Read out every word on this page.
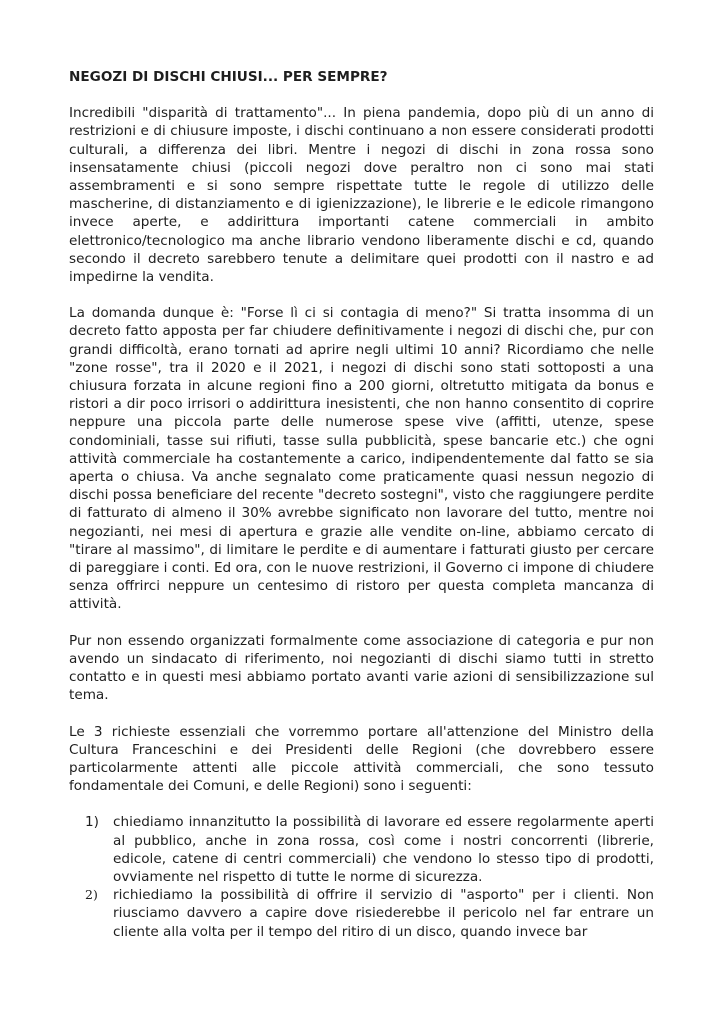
NEGOZI DI DISCHI CHIUSI... PER SEMPRE?

Incredibili "disparità di trattamento"... In piena pandemia, dopo più di un anno di restrizioni e di chiusure imposte, i dischi continuano a non essere considerati prodotti culturali, a differenza dei libri. Mentre i negozi di dischi in zona rossa sono insensatamente chiusi (piccoli negozi dove peraltro non ci sono mai stati assembramenti e si sono sempre rispettate tutte le regole di utilizzo delle mascherine, di distanziamento e di igienizzazione), le librerie e le edicole rimangono invece aperte, e addirittura importanti catene commerciali in ambito elettronico/tecnologico ma anche librario vendono liberamente dischi e cd, quando secondo il decreto sarebbero tenute a delimitare quei prodotti con il nastro e ad impedirne la vendita.

La domanda dunque è: "Forse lì ci si contagia di meno?" Si tratta insomma di un decreto fatto apposta per far chiudere definitivamente i negozi di dischi che, pur con grandi difficoltà, erano tornati ad aprire negli ultimi 10 anni? Ricordiamo che nelle "zone rosse", tra il 2020 e il 2021, i negozi di dischi sono stati sottoposti a una chiusura forzata in alcune regioni fino a 200 giorni, oltretutto mitigata da bonus e ristori a dir poco irrisori o addirittura inesistenti, che non hanno consentito di coprire neppure una piccola parte delle numerose spese vive (affitti, utenze, spese condominiali, tasse sui rifiuti, tasse sulla pubblicità, spese bancarie etc.) che ogni attività commerciale ha costantemente a carico, indipendentemente dal fatto se sia aperta o chiusa. Va anche segnalato come praticamente quasi nessun negozio di dischi possa beneficiare del recente "decreto sostegni", visto che raggiungere perdite di fatturato di almeno il 30% avrebbe significato non lavorare del tutto, mentre noi negozianti, nei mesi di apertura e grazie alle vendite on-line, abbiamo cercato di "tirare al massimo", di limitare le perdite e di aumentare i fatturati giusto per cercare di pareggiare i conti. Ed ora, con le nuove restrizioni, il Governo ci impone di chiudere senza offrirci neppure un centesimo di ristoro per questa completa mancanza di attività.

Pur non essendo organizzati formalmente come associazione di categoria e pur non avendo un sindacato di riferimento, noi negozianti di dischi siamo tutti in stretto contatto e in questi mesi abbiamo portato avanti varie azioni di sensibilizzazione sul tema.

Le 3 richieste essenziali che vorremmo portare all'attenzione del Ministro della Cultura Franceschini e dei Presidenti delle Regioni (che dovrebbero essere particolarmente attenti alle piccole attività commerciali, che sono tessuto fondamentale dei Comuni, e delle Regioni) sono i seguenti:

1)	chiediamo innanzitutto la possibilità di lavorare ed essere regolarmente aperti al pubblico, anche in zona rossa, così come i nostri concorrenti (librerie, edicole, catene di centri commerciali) che vendono lo stesso tipo di prodotti, ovviamente nel rispetto di tutte le norme di sicurezza.
2)	richiediamo la possibilità di offrire il servizio di "asporto" per i clienti. Non riusciamo davvero a capire dove risiederebbe il pericolo nel far entrare un cliente alla volta per il tempo del ritiro di un disco, quando invece bar
